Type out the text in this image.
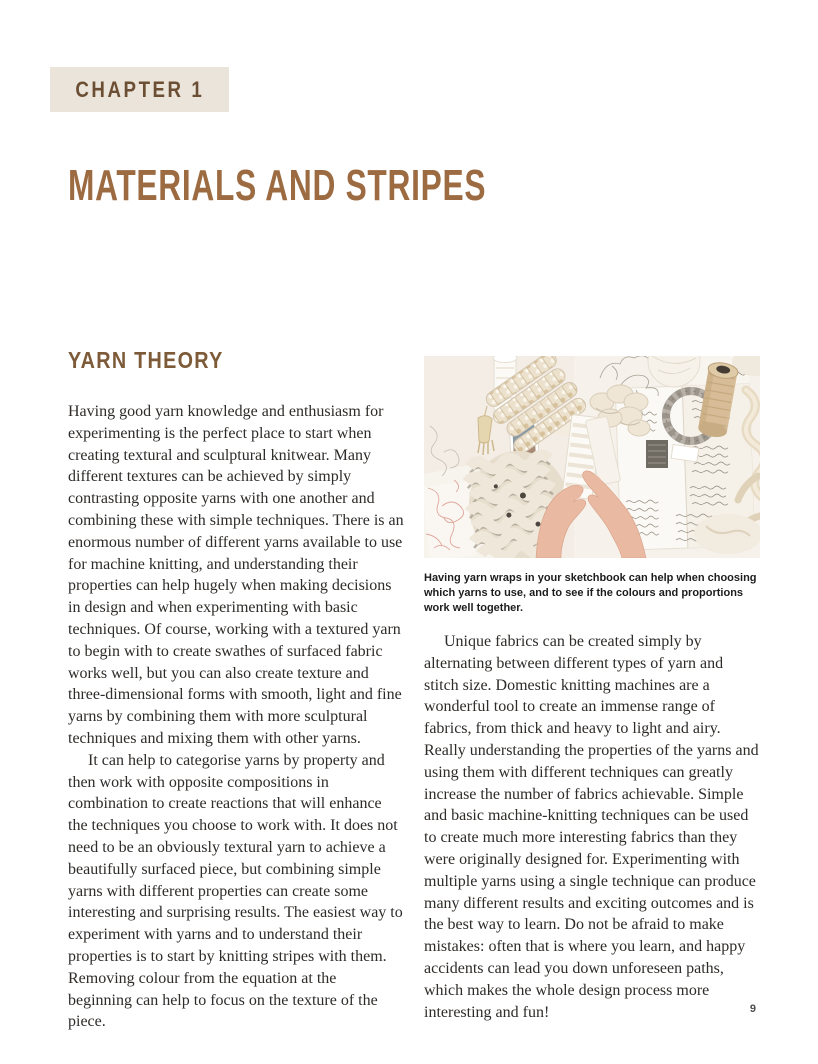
CHAPTER 1
MATERIALS AND STRIPES
YARN THEORY

Having good yarn knowledge and enthusiasm for experimenting is the perfect place to start when creating textural and sculptural knitwear. Many different textures can be achieved by simply contrasting opposite yarns with one another and combining these with simple techniques. There is an enormous number of different yarns available to use for machine knitting, and understanding their properties can help hugely when making decisions in design and when experimenting with basic techniques. Of course, working with a textured yarn to begin with to create swathes of surfaced fabric works well, but you can also create texture and three-dimensional forms with smooth, light and fine yarns by combining them with more sculptural techniques and mixing them with other yarns.

It can help to categorise yarns by property and then work with opposite compositions in combination to create reactions that will enhance the techniques you choose to work with. It does not need to be an obviously textural yarn to achieve a beautifully surfaced piece, but combining simple yarns with different properties can create some interesting and surprising results. The easiest way to experiment with yarns and to understand their properties is to start by knitting stripes with them. Removing colour from the equation at the beginning can help to focus on the texture of the piece.

Having yarn wraps in your sketchbook can help when choosing which yarns to use, and to see if the colours and proportions work well together.

Unique fabrics can be created simply by alternating between different types of yarn and stitch size. Domestic knitting machines are a wonderful tool to create an immense range of fabrics, from thick and heavy to light and airy. Really understanding the properties of the yarns and using them with different techniques can greatly increase the number of fabrics achievable. Simple and basic machine-knitting techniques can be used to create much more interesting fabrics than they were originally designed for. Experimenting with multiple yarns using a single technique can produce many different results and exciting outcomes and is the best way to learn. Do not be afraid to make mistakes: often that is where you learn, and happy accidents can lead you down unforeseen paths, which makes the whole design process more interesting and fun!	9
